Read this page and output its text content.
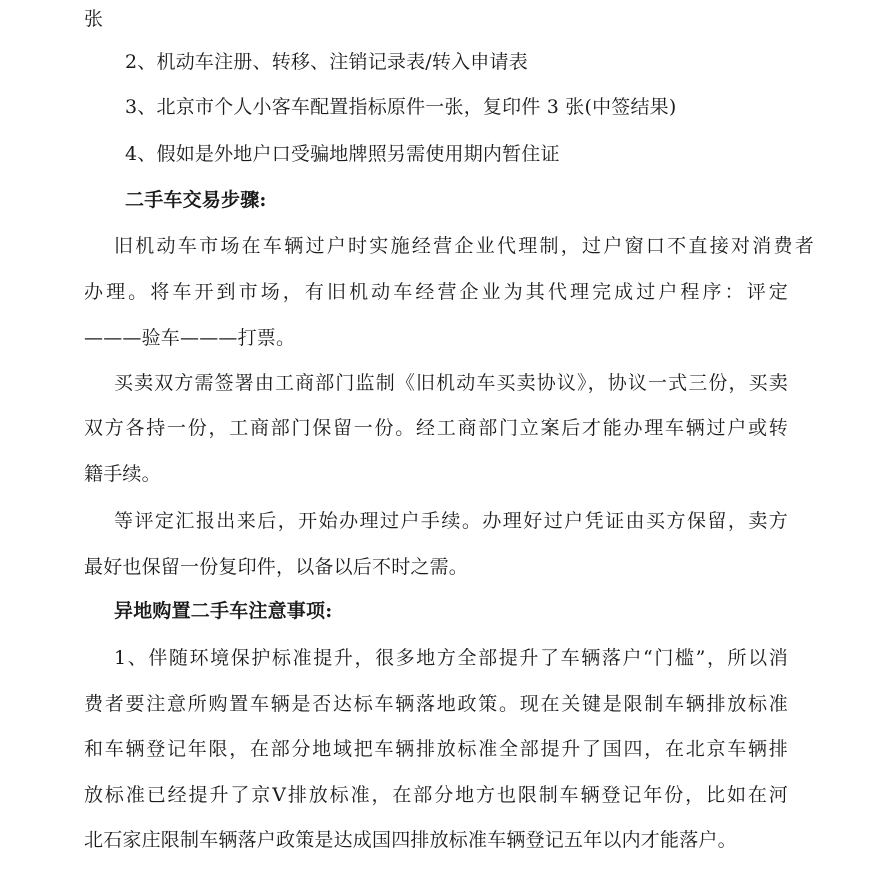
张
2、机动车注册、转移、注销记录表/转入申请表
3、北京市个人小客车配置指标原件一张，复印件 3 张(中签结果)
4、假如是外地户口受骗地牌照另需使用期内暂住证
二手车交易步骤:
旧机动车市场在车辆过户时实施经营企业代理制，过户窗口不直接对消费者
办理。将车开到市场，有旧机动车经营企业为其代理完成过户程序：评定
———验车———打票。
买卖双方需签署由工商部门监制《旧机动车买卖协议》，协议一式三份，买卖
双方各持一份，工商部门保留一份。经工商部门立案后才能办理车辆过户或转
籍手续。
等评定汇报出来后，开始办理过户手续。办理好过户凭证由买方保留，卖方
最好也保留一份复印件，以备以后不时之需。
异地购置二手车注意事项:
1、伴随环境保护标准提升，很多地方全部提升了车辆落户“门槛”，所以消
费者要注意所购置车辆是否达标车辆落地政策。现在关键是限制车辆排放标准
和车辆登记年限，在部分地域把车辆排放标准全部提升了国四，在北京车辆排
放标准已经提升了京Ⅴ排放标准，在部分地方也限制车辆登记年份，比如在河
北石家庄限制车辆落户政策是达成国四排放标准车辆登记五年以内才能落户。
